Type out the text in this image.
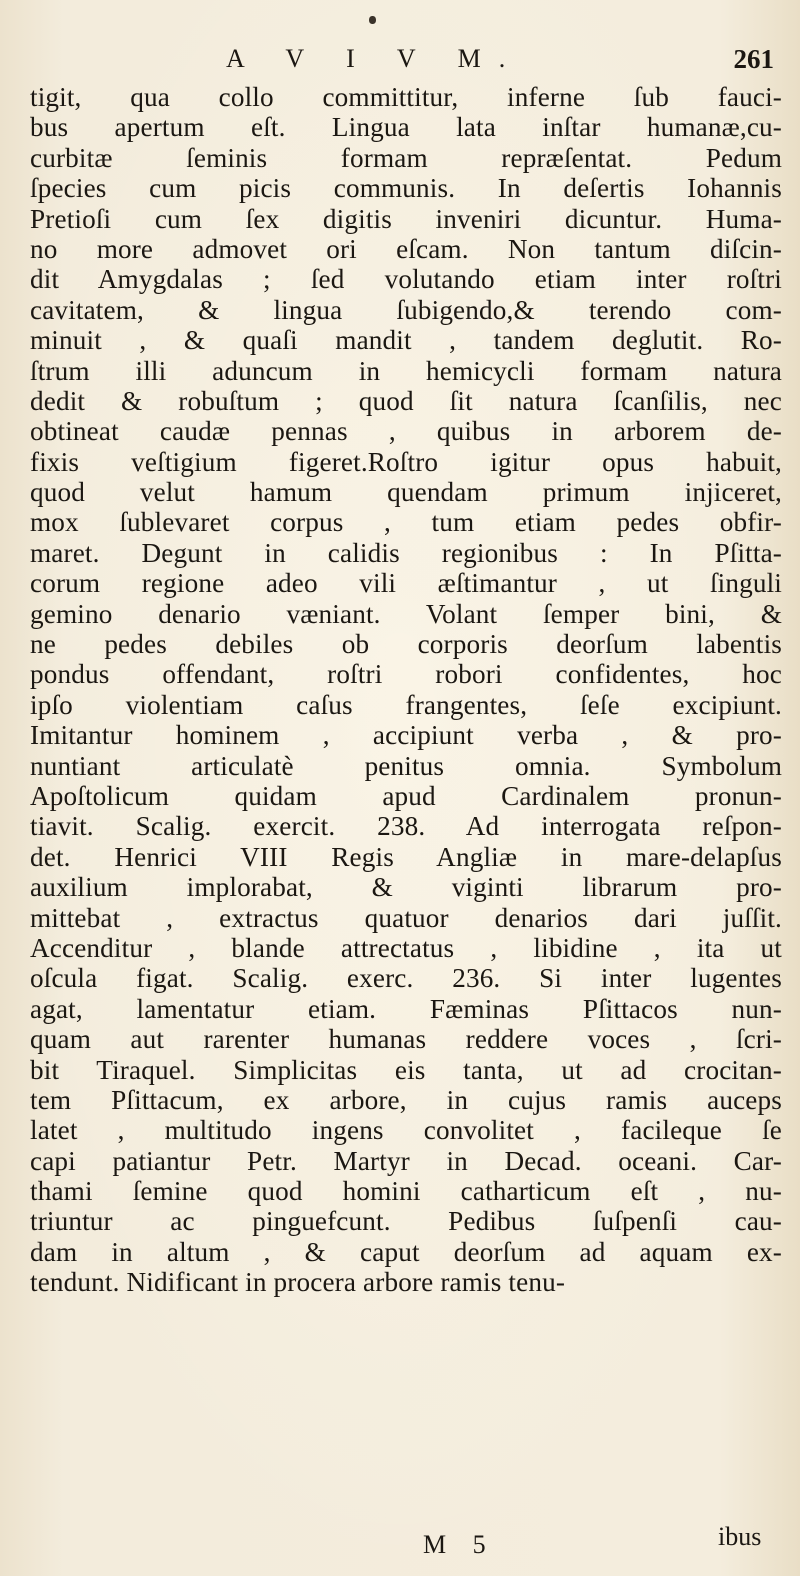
A V I V M.	261
tigit, qua collo committitur, inferne ſub fauci-
bus apertum eſt. Lingua lata inſtar humanæ,cu-
curbitæ ſeminis formam repræſentat. Pedum
ſpecies cum picis communis. In deſertis Iohannis
Pretioſi cum ſex digitis inveniri dicuntur. Huma-
no more admovet ori eſcam. Non tantum diſcin-
dit Amygdalas ; ſed volutando etiam inter roſtri
cavitatem, & lingua ſubigendo,& terendo com-
minuit , & quaſi mandit , tandem deglutit. Ro-
ſtrum illi aduncum in hemicycli formam natura
dedit & robuſtum ; quod ſit natura ſcanſilis, nec
obtineat caudæ pennas , quibus in arborem de-
fixis veſtigium figeret.Roſtro igitur opus habuit,
quod velut hamum quendam primum injiceret,
mox ſublevaret corpus , tum etiam pedes obfir-
maret. Degunt in calidis regionibus : In Pſitta-
corum regione adeo vili æſtimantur , ut ſinguli
gemino denario væniant. Volant ſemper bini, &
ne pedes debiles ob corporis deorſum labentis
pondus offendant, roſtri robori confidentes, hoc
ipſo violentiam caſus frangentes, ſeſe excipiunt.
Imitantur hominem , accipiunt verba , & pro-
nuntiant articulatè penitus omnia. Symbolum
Apoſtolicum quidam apud Cardinalem pronun-
tiavit. Scalig. exercit. 238. Ad interrogata reſpon-
det. Henrici VIII Regis Angliæ in mare-delapſus
auxilium implorabat, & viginti librarum pro-
mittebat , extractus quatuor denarios dari juſſit.
Accenditur , blande attrectatus , libidine , ita ut
oſcula figat. Scalig. exerc. 236. Si inter lugentes
agat, lamentatur etiam. Fæminas Pſittacos nun-
quam aut rarenter humanas reddere voces , ſcri-
bit Tiraquel. Simplicitas eis tanta, ut ad crocitan-
tem Pſittacum, ex arbore, in cujus ramis auceps
latet , multitudo ingens convolitet , facileque ſe
capi patiantur Petr. Martyr in Decad. oceani. Car-
thami ſemine quod homini catharticum eſt , nu-
triuntur ac pinguefcunt. Pedibus ſuſpenſi cau-
dam in altum , & caput deorſum ad aquam ex-
tendunt. Nidificant in procera arbore ramis tenu-
M 5	ibus
